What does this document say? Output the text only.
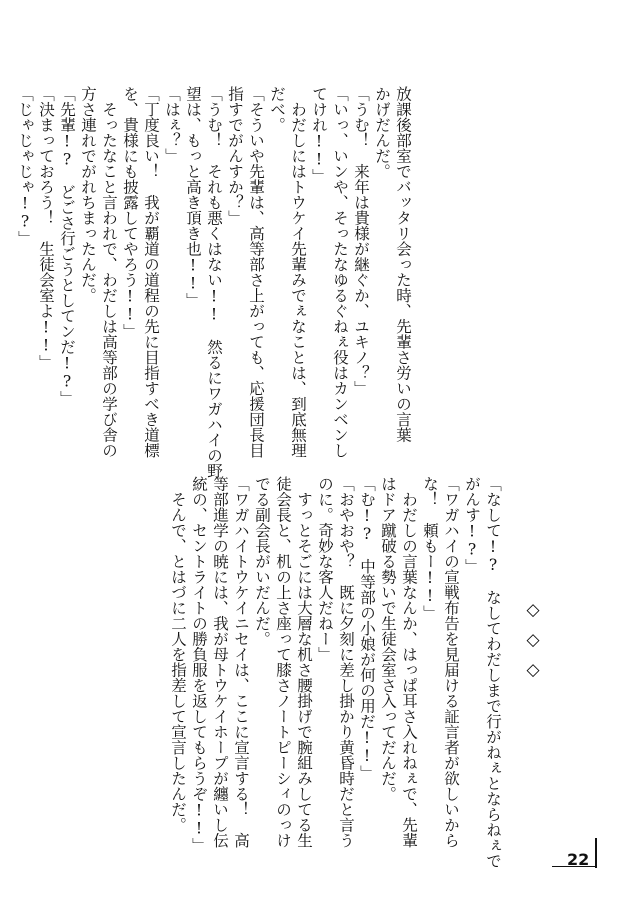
放課後部室でバッタリ会った時、先輩さ労いの言葉
かげだんだ。
「うむ！　来年は貴様が継ぐか、ユキノ？」
「いっ、いンや、そったなゆるぐねぇ役はカンベンし
てけれ!!」
　わだしにはトウケイ先輩みでぇなことは、到底無理
だべ。
「そういや先輩は、高等部さ上がっても、応援団長目
指すでがんすか？」
「うむ！　それも悪くはない!!　然るにワガハイの野
望は、もっと高き頂き也!!」
「はぇ？」
「丁度良い！　我が覇道の道程の先に目指すべき道標
を、貴様にも披露してやろう!!」
　そったなこと言われで、わだしは高等部の学び舎の
方さ連れでがれちまったんだ。
「先輩!?　どごさ行ごうとしてンだ!?」
「決まっておろう！　生徒会室よ!!」
「じゃじゃじゃ!?」
◇◇◇
「なして!?　なしてわだしまで行がねぇとならねぇで
がんす!?」
「ワガハイの宣戦布告を見届ける証言者が欲しいから
な！　頼もー!!」
　わだしの言葉なんか、はっぱ耳さ入れねぇで、先輩
はドア蹴破る勢いで生徒会室さ入ってだんだ。
「む!?　中等部の小娘が何の用だ!!」
「おやおや？　既に夕刻に差し掛かり黄昏時だと言う
のに。奇妙な客人だねー」
　すっとそごには大層な机さ腰掛げで腕組みしてる生
徒会長と、机の上さ座って膝さノートピーシィのっけ
でる副会長がいだんだ。
「ワガハイトウケイニセイは、ここに宣言する！　高
等部進学の暁には、我が母トウケイホープが纏いし伝
統の、セントライトの勝負服を返してもらうぞ!!」
　そんで、とはづに二人を指差して宣言したんだ。
22
